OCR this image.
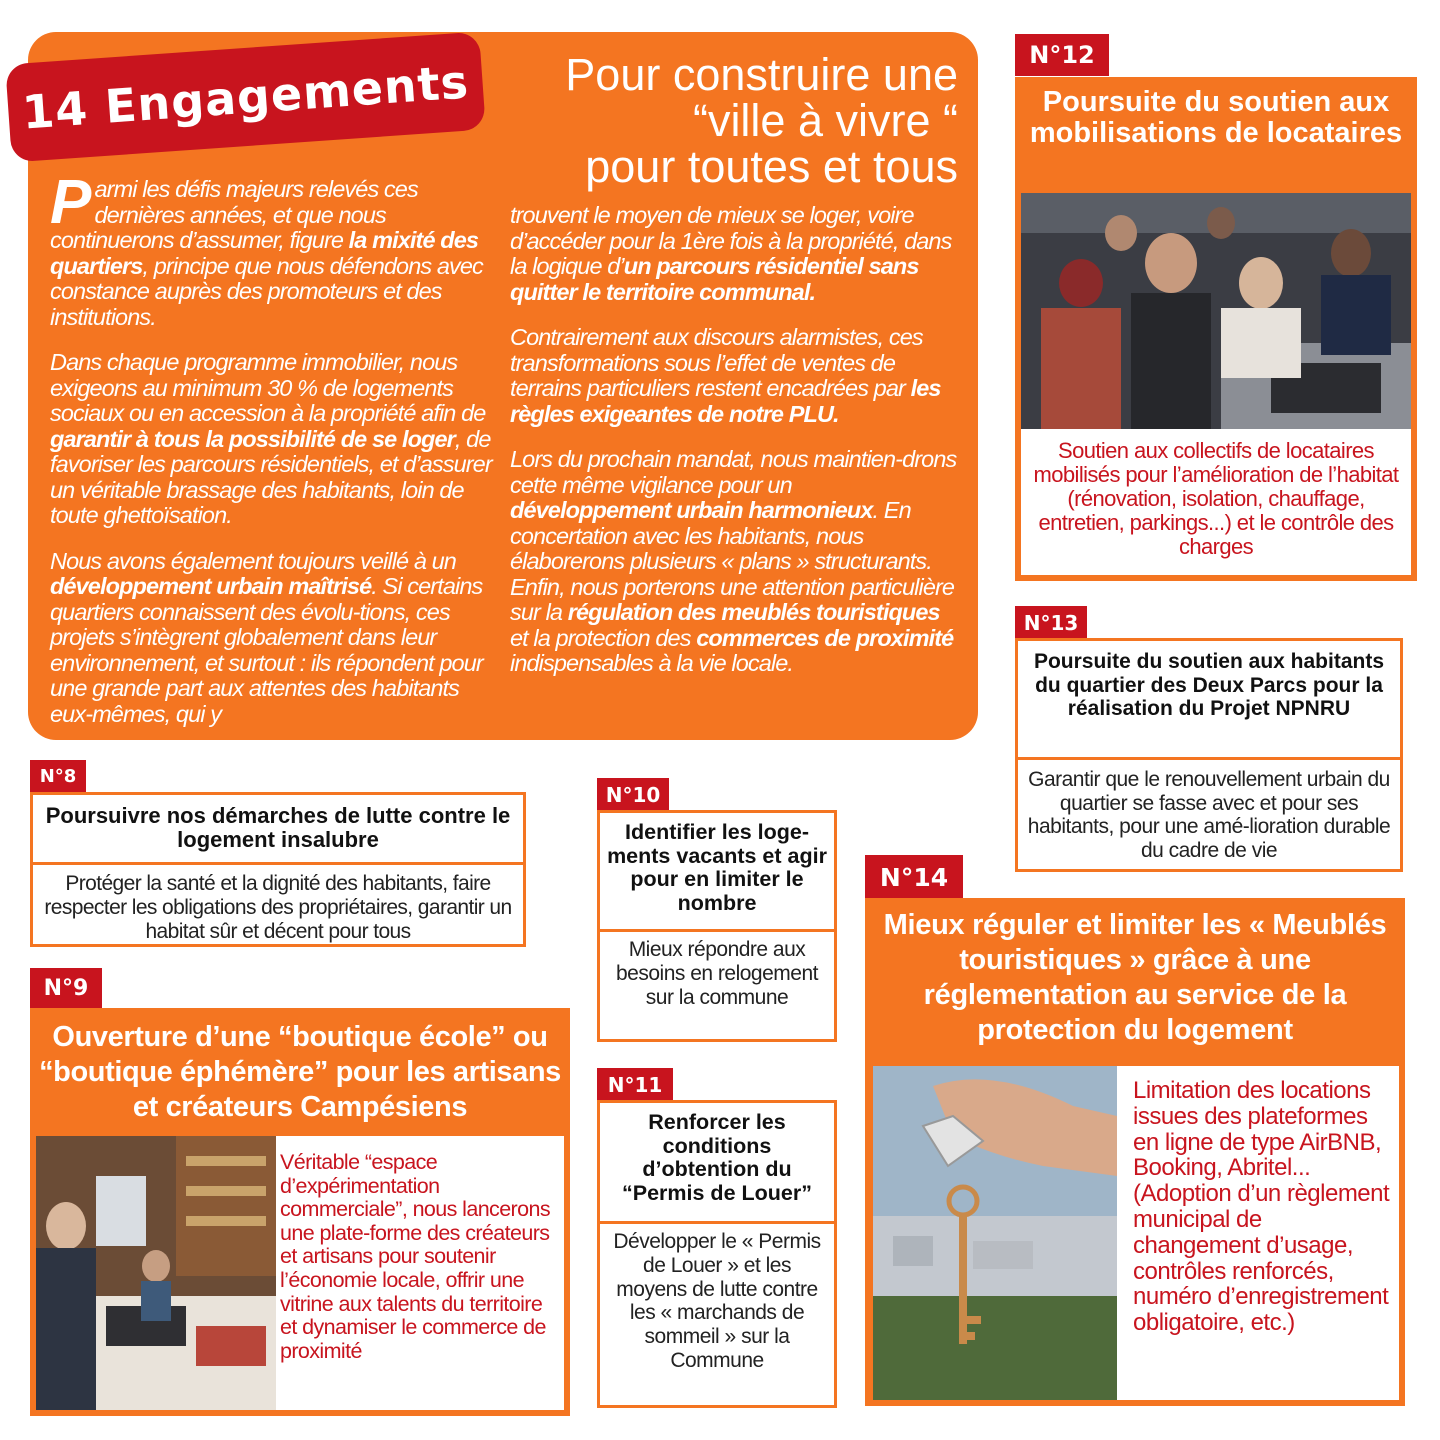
14 Engagements	Pour construire une
“ville à vivre “
pour toutes et tous

Parmi les défis majeurs relevés ces dernières années, et que nous continuerons d’assumer, figure la mixité des quartiers, principe que nous défendons avec constance auprès des promoteurs et des institutions.

Dans chaque programme immobilier, nous exigeons au minimum 30 % de logements sociaux ou en accession à la propriété afin de garantir à tous la possibilité de se loger, de favoriser les parcours résidentiels, et d’assurer un véritable brassage des habitants, loin de toute ghettoïsation.

Nous avons également toujours veillé à un développement urbain maîtrisé. Si certains quartiers connaissent des évolu-tions, ces projets s’intègrent globalement dans leur environnement, et surtout : ils répondent pour une grande part aux attentes des habitants eux-mêmes, qui y

trouvent le moyen de mieux se loger, voire d’accéder pour la 1ère fois à la propriété, dans la logique d’un parcours résidentiel sans quitter le territoire communal.

Contrairement aux discours alarmistes, ces transformations sous l’effet de ventes de terrains particuliers restent encadrées par les règles exigeantes de notre PLU.

Lors du prochain mandat, nous maintien-drons cette même vigilance pour un développement urbain harmonieux. En concertation avec les habitants, nous élaborerons plusieurs « plans » structurants. Enfin, nous porterons une attention particulière sur la régulation des meublés touristiques et la protection des commerces de proximité indispensables à la vie locale.

N°12
Poursuite du soutien aux mobilisations de locataires
Soutien aux collectifs de locataires mobilisés pour l’amélioration de l’habitat (rénovation, isolation, chauffage, entretien, parkings...) et le contrôle des charges
N°13
Poursuite du soutien aux habitants du quartier des Deux Parcs pour la réalisation du Projet NPNRU
Garantir que le renouvellement urbain du quartier se fasse avec et pour ses habitants, pour une amé-lioration durable du cadre de vie
N°8
Poursuivre nos démarches de lutte contre le logement insalubre
Protéger la santé et la dignité des habitants, faire respecter les obligations des propriétaires, garantir un habitat sûr et décent pour tous
N°9
Ouverture d’une “boutique école” ou “boutique éphémère” pour les artisans et créateurs Campésiens
Véritable “espace d’expérimentation commerciale”, nous lancerons une plate-forme des créateurs et artisans pour soutenir l’économie locale, offrir une vitrine aux talents du territoire et dynamiser le commerce de proximité
N°10
Identifier les loge-ments vacants et agir pour en limiter le nombre
Mieux répondre aux besoins en relogement sur la commune
N°11
Renforcer les conditions d’obtention du “Permis de Louer”
Développer le « Permis de Louer » et les moyens de lutte contre les « marchands de sommeil » sur la Commune
N°14
Mieux réguler et limiter les « Meublés touristiques » grâce à une réglementation au service de la protection du logement
Limitation des locations issues des plateformes en ligne de type AirBNB, Booking, Abritel... (Adoption d’un règlement municipal de changement d’usage, contrôles renforcés, numéro d’enregistrement obligatoire, etc.)
